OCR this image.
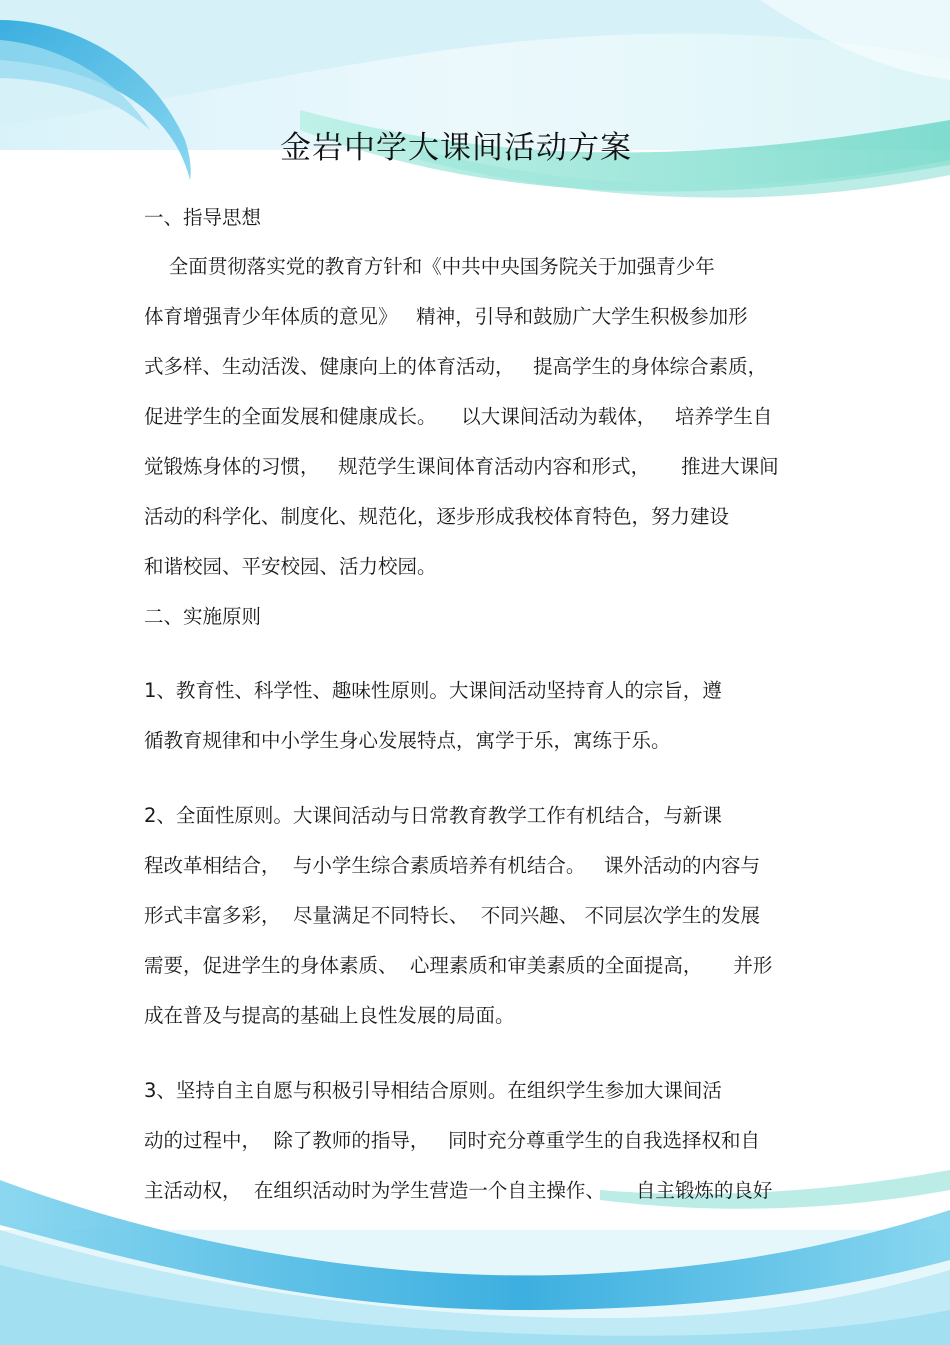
金岩中学大课间活动方案
一、指导思想
全面贯彻落实党的教育方针和《中共中央国务院关于加强青少年
体育增强青少年体质的意见》   精神，引导和鼓励广大学生积极参加形
式多样、生动活泼、健康向上的体育活动，   提高学生的身体综合素质，
促进学生的全面发展和健康成长。    以大课间活动为载体，   培养学生自
觉锻炼身体的习惯，   规范学生课间体育活动内容和形式，     推进大课间
活动的科学化、制度化、规范化，逐步形成我校体育特色，努力建设
和谐校园、平安校园、活力校园。
二、实施原则
1、教育性、科学性、趣味性原则。大课间活动坚持育人的宗旨，遵
循教育规律和中小学生身心发展特点，寓学于乐，寓练于乐。
2、全面性原则。大课间活动与日常教育教学工作有机结合，与新课
程改革相结合，  与小学生综合素质培养有机结合。   课外活动的内容与
形式丰富多彩，  尽量满足不同特长、  不同兴趣、 不同层次学生的发展
需要，促进学生的身体素质、  心理素质和审美素质的全面提高，     并形
成在普及与提高的基础上良性发展的局面。
3、坚持自主自愿与积极引导相结合原则。在组织学生参加大课间活
动的过程中，  除了教师的指导，   同时充分尊重学生的自我选择权和自
主活动权，  在组织活动时为学生营造一个自主操作、     自主锻炼的良好
